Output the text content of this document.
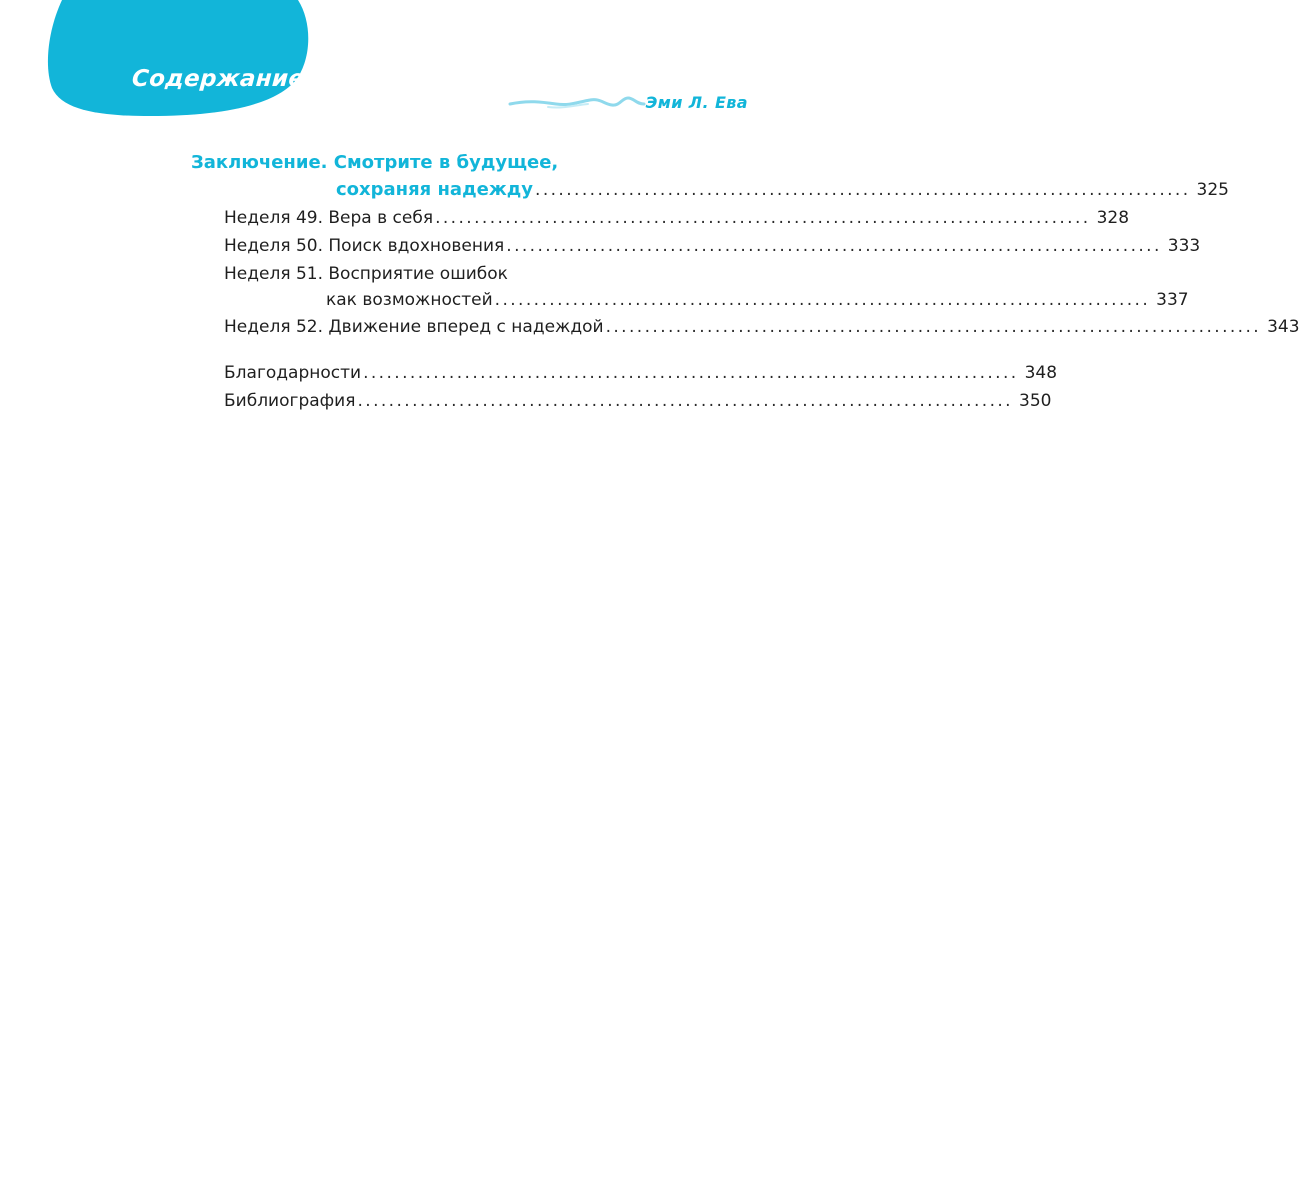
Содержание
Эми Л. Ева
Заключение. Смотрите в будущее,
сохраняя надежду .................................................................................... 325
Неделя 49. Вера в себя .................................................................................... 328
Неделя 50. Поиск вдохновения .................................................................................... 333
Неделя 51. Восприятие ошибок
как возможностей .................................................................................... 337
Неделя 52. Движение вперед с надеждой .................................................................................... 343
Благодарности .................................................................................... 348
Библиография .................................................................................... 350
